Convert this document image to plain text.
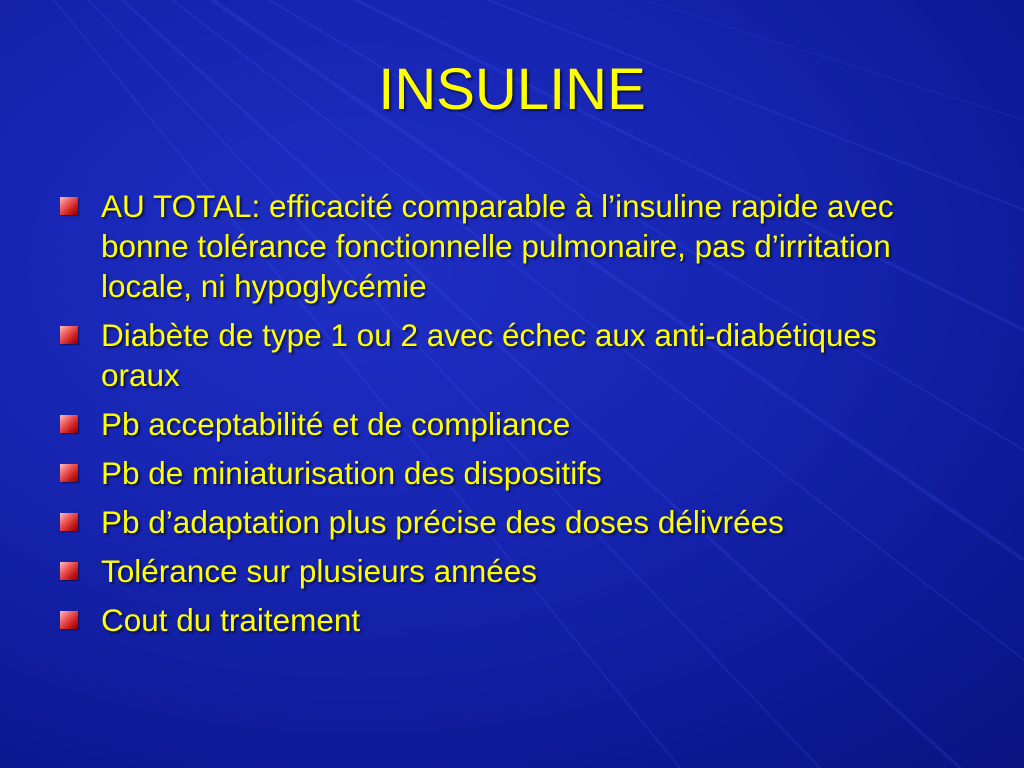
INSULINE
AU TOTAL: efficacité comparable à l’insuline rapide avec bonne tolérance fonctionnelle pulmonaire, pas d’irritation locale, ni hypoglycémie
Diabète de type 1 ou 2 avec échec aux anti-diabétiques oraux
Pb acceptabilité et de compliance
Pb de miniaturisation des dispositifs
Pb d’adaptation plus précise des doses délivrées
Tolérance sur plusieurs années
Cout du traitement
